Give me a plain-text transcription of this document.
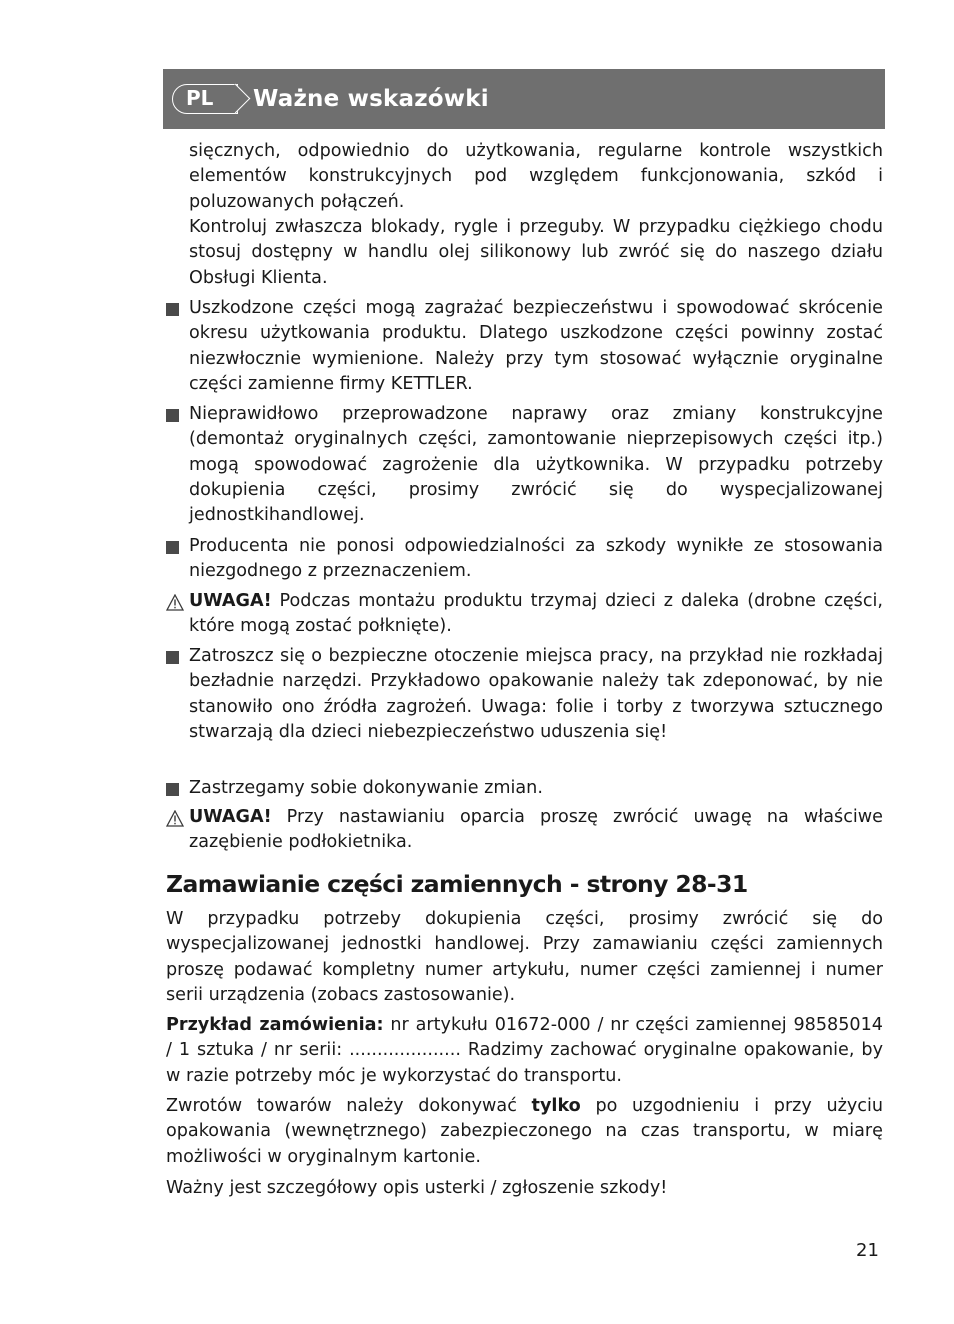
PL	Ważne wskazówki
sięcznych, odpowiednio do użytkowania, regularne kontrole wszystkich elementów konstrukcyjnych pod względem funkcjonowania, szkód i poluzowanych połączeń.
Kontroluj zwłaszcza blokady, rygle i przeguby. W przypadku ciężkiego chodu stosuj dostępny w handlu olej silikonowy lub zwróć się do naszego działu Obsługi Klienta.
Uszkodzone części mogą zagrażać bezpieczeństwu i spowodować skrócenie okresu użytkowania produktu. Dlatego uszkodzone części powinny zostać niezwłocznie wymienione. Należy przy tym stosować wyłącznie oryginalne części zamienne firmy KETTLER.
Nieprawidłowo przeprowadzone naprawy oraz zmiany konstrukcyjne (demontaż oryginalnych części, zamontowanie nieprzepisowych części itp.) mogą spowodować zagrożenie dla użytkownika. W przypadku potrzeby dokupienia części, prosimy zwrócić się do wyspecjalizowanej jednostkihandlowej.
Producenta nie ponosi odpowiedzialności za szkody wynikłe ze stosowania niezgodnego z przeznaczeniem.
UWAGA! Podczas montażu produktu trzymaj dzieci z daleka (drobne części, które mogą zostać połknięte).
Zatroszcz się o bezpieczne otoczenie miejsca pracy, na przykład nie rozkładaj bezładnie narzędzi. Przykładowo opakowanie należy tak zdeponować, by nie stanowiło ono źródła zagrożeń. Uwaga: folie i torby z tworzywa sztucznego stwarzają dla dzieci niebezpieczeństwo uduszenia się!
Zastrzegamy sobie dokonywanie zmian.
UWAGA! Przy nastawianiu oparcia proszę zwrócić uwagę na właściwe zazębienie podłokietnika.
Zamawianie części zamiennych - strony 28-31
W przypadku potrzeby dokupienia części, prosimy zwrócić się do wyspecjalizowanej jednostki handlowej. Przy zamawianiu części zamiennych proszę podawać kompletny numer artykułu, numer części zamiennej i numer serii urządzenia (zobacs zastosowanie).
Przykład zamówienia: nr artykułu 01672-000 / nr części zamiennej 98585014 / 1 sztuka / nr serii: .................... Radzimy zachować oryginalne opakowanie, by w razie potrzeby móc je wykorzystać do transportu.
Zwrotów towarów należy dokonywać tylko po uzgodnieniu i przy użyciu opakowania (wewnętrznego) zabezpieczonego na czas transportu, w miarę możliwości w oryginalnym kartonie.
Ważny jest szczegółowy opis usterki / zgłoszenie szkody!
21
